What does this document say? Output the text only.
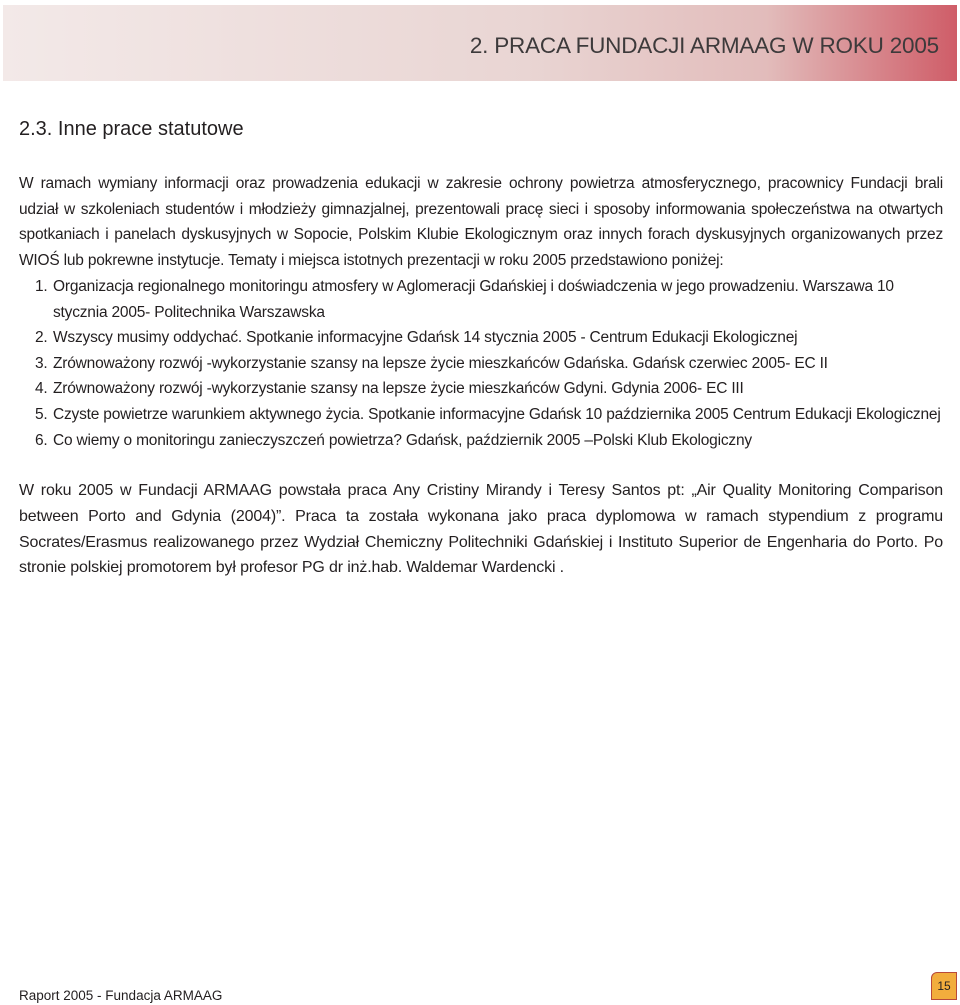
2. PRACA FUNDACJI ARMAAG W ROKU 2005
2.3. Inne prace statutowe
W ramach wymiany informacji oraz prowadzenia edukacji w zakresie ochrony powietrza atmosferycznego, pracownicy Fundacji brali udział w szkoleniach studentów i młodzieży gimnazjalnej, prezentowali pracę sieci i sposoby informowania społeczeństwa na otwartych spotkaniach i panelach dyskusyjnych w Sopocie, Polskim Klubie Ekologicznym oraz innych forach dyskusyjnych organizowanych przez WIOŚ lub pokrewne instytucje. Tematy i miejsca istotnych prezentacji w roku 2005 przedstawiono poniżej:
1. Organizacja regionalnego monitoringu atmosfery w Aglomeracji Gdańskiej i doświadczenia w jego prowadzeniu. Warszawa 10 stycznia 2005- Politechnika Warszawska
2. Wszyscy musimy oddychać. Spotkanie informacyjne Gdańsk 14 stycznia 2005 - Centrum Edukacji Ekologicznej
3. Zrównoważony rozwój -wykorzystanie szansy na lepsze życie mieszkańców Gdańska. Gdańsk czerwiec 2005- EC II
4. Zrównoważony rozwój -wykorzystanie szansy na lepsze życie mieszkańców Gdyni. Gdynia 2006- EC III
5. Czyste powietrze warunkiem aktywnego życia. Spotkanie informacyjne Gdańsk 10 października 2005 Centrum Edukacji Ekologicznej
6. Co wiemy o monitoringu zanieczyszczeń powietrza? Gdańsk, październik 2005 –Polski Klub Ekologiczny
W roku 2005 w Fundacji ARMAAG powstała praca Any Cristiny Mirandy i Teresy Santos pt: „Air Quality Monitoring Comparison between Porto and Gdynia (2004)”. Praca ta została wykonana jako praca dyplomowa w ramach stypendium z programu Socrates/Erasmus realizowanego przez Wydział Chemiczny Politechniki Gdańskiej i Instituto Superior de Engenharia do Porto. Po stronie polskiej promotorem był profesor PG dr inż.hab. Waldemar Wardencki .
Raport 2005 - Fundacja ARMAAG
15
